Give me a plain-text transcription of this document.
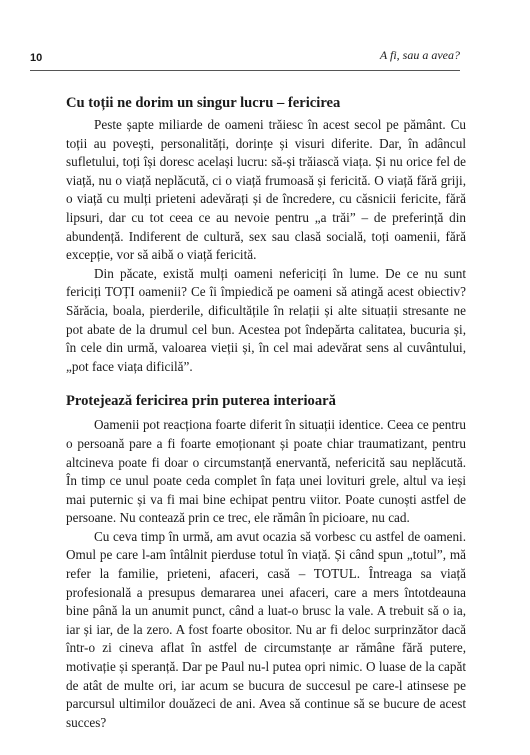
10	A fi, sau a avea?
Cu toții ne dorim un singur lucru – fericirea

Peste șapte miliarde de oameni trăiesc în acest secol pe pământ. Cu toții au povești, personalități, dorințe și visuri diferite. Dar, în adâncul sufletului, toți își doresc același lucru: să-și trăiască viața. Și nu orice fel de viață, nu o viață neplăcută, ci o viață frumoasă și fericită. O viață fără griji, o viață cu mulți prieteni adevărați și de încredere, cu căsnicii fericite, fără lipsuri, dar cu tot ceea ce au nevoie pentru „a trăi” – de preferință din abundență. Indiferent de cultură, sex sau clasă socială, toți oamenii, fără excepție, vor să aibă o viață fericită.

Din păcate, există mulți oameni nefericiți în lume. De ce nu sunt fericiți TOȚI oamenii? Ce îi împiedică pe oameni să atingă acest obiectiv? Sărăcia, boala, pierderile, dificultățile în relații și alte situații stresante ne pot abate de la drumul cel bun. Acestea pot îndepărta calitatea, bucuria și, în cele din urmă, valoarea vieții și, în cel mai adevărat sens al cuvântului, „pot face viața dificilă”.

Protejează fericirea prin puterea interioară

Oamenii pot reacționa foarte diferit în situații identice. Ceea ce pentru o persoană pare a fi foarte emoționant și poate chiar traumatizant, pentru altcineva poate fi doar o circumstanță enervantă, nefericită sau neplăcută. În timp ce unul poate ceda complet în fața unei lovituri grele, altul va ieși mai puternic și va fi mai bine echipat pentru viitor. Poate cunoști astfel de persoane. Nu contează prin ce trec, ele rămân în picioare, nu cad.

Cu ceva timp în urmă, am avut ocazia să vorbesc cu astfel de oameni. Omul pe care l-am întâlnit pierduse totul în viață. Și când spun „totul”, mă refer la familie, prieteni, afaceri, casă – TOTUL. Întreaga sa viață profesională a presupus demararea unei afaceri, care a mers întotdeauna bine până la un anumit punct, când a luat-o brusc la vale. A trebuit să o ia, iar și iar, de la zero. A fost foarte obositor. Nu ar fi deloc surprinzător dacă într-o zi cineva aflat în astfel de circumstanțe ar rămâne fără putere, motivație și speranță. Dar pe Paul nu-l putea opri nimic. O luase de la capăt de atât de multe ori, iar acum se bucura de succesul pe care-l atinsese pe parcursul ultimilor douăzeci de ani. Avea să continue să se bucure de acest succes?
